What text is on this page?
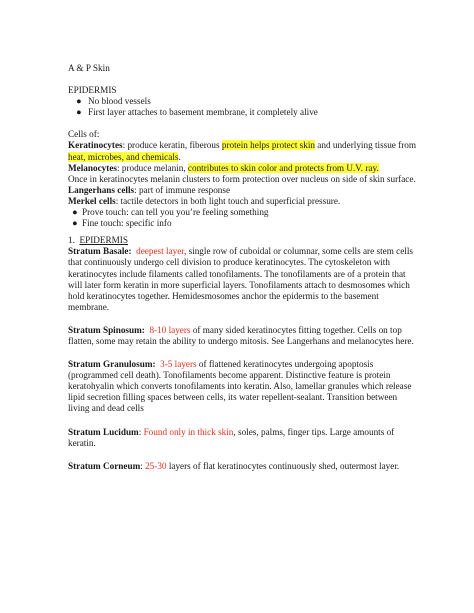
A & P Skin

EPIDERMIS

● No blood vessels
● First layer attaches to basement membrane, it completely alive

Cells of:

Keratinocytes: produce keratin, fiberous protein helps protect skin and underlying tissue from heat, microbes, and chemicals.

Melanocytes: produce melanin, contributes to skin color and protects from U.V. ray.

Once in keratinocytes melanin clusters to form protection over nucleus on side of skin surface.

Langerhans cells: part of immune response

Merkel cells: tactile detectors in both light touch and superficial pressure.

● Prove touch: can tell you you’re feeling something
● Fine touch: specific info

1. EPIDERMIS

Stratum Basale: deepest layer, single row of cuboidal or columnar, some cells are stem cells that continuously undergo cell division to produce keratinocytes. The cytoskeleton with keratinocytes include filaments called tonofilaments. The tonofilaments are of a protein that will later form keratin in more superficial layers. Tonofilaments attach to desmosomes which hold keratinocytes together. Hemidesmosomes anchor the epidermis to the basement membrane.

Stratum Spinosum: 8-10 layers of many sided keratinocytes fitting together. Cells on top flatten, some may retain the ability to undergo mitosis. See Langerhans and melanocytes here.

Stratum Granulosum: 3-5 layers of flattened keratinocytes undergoing apoptosis (programmed cell death). Tonofilaments become apparent. Distinctive feature is protein keratohyalin which converts tonofilaments into keratin. Also, lamellar granules which release lipid secretion filling spaces between cells, its water repellent-sealant. Transition between living and dead cells

Stratum Lucidum: Found only in thick skin, soles, palms, finger tips. Large amounts of keratin.

Stratum Corneum: 25-30 layers of flat keratinocytes continuously shed, outermost layer.
